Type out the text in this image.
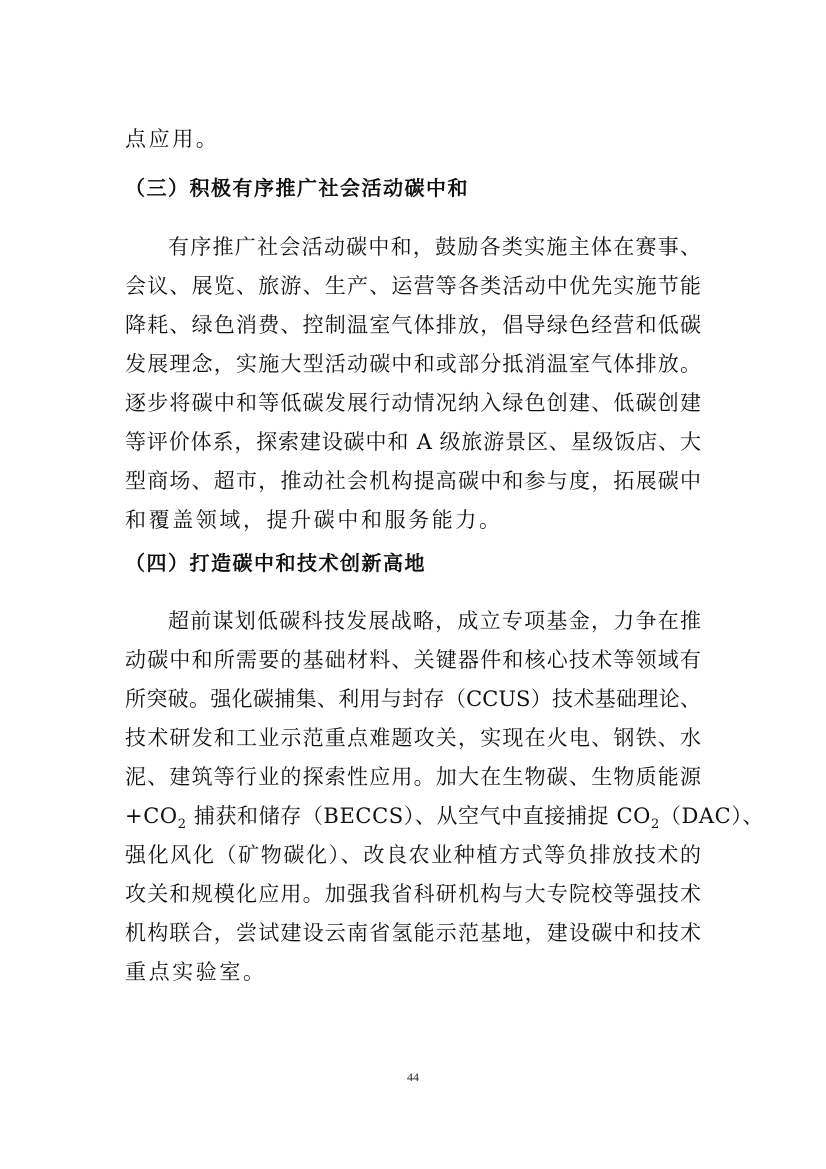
点应用。
（三）积极有序推广社会活动碳中和
有序推广社会活动碳中和，鼓励各类实施主体在赛事、
会议、展览、旅游、生产、运营等各类活动中优先实施节能
降耗、绿色消费、控制温室气体排放，倡导绿色经营和低碳
发展理念，实施大型活动碳中和或部分抵消温室气体排放。
逐步将碳中和等低碳发展行动情况纳入绿色创建、低碳创建
等评价体系，探索建设碳中和 A 级旅游景区、星级饭店、大
型商场、超市，推动社会机构提高碳中和参与度，拓展碳中
和覆盖领域，提升碳中和服务能力。
（四）打造碳中和技术创新高地
超前谋划低碳科技发展战略，成立专项基金，力争在推
动碳中和所需要的基础材料、关键器件和核心技术等领域有
所突破。强化碳捕集、利用与封存（CCUS）技术基础理论、
技术研发和工业示范重点难题攻关，实现在火电、钢铁、水
泥、建筑等行业的探索性应用。加大在生物碳、生物质能源
$+CO_2$ 捕获和储存（BECCS）、从空气中直接捕捉 $CO_2(DAC)$、
强化风化（矿物碳化）、改良农业种植方式等负排放技术的
攻关和规模化应用。加强我省科研机构与大专院校等强技术
机构联合，尝试建设云南省氢能示范基地，建设碳中和技术
重点实验室。
44
